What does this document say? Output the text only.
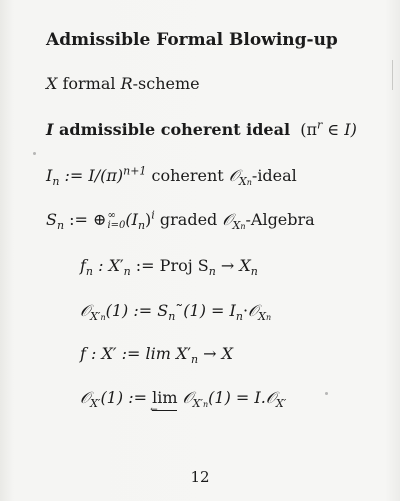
Admissible Formal Blowing-up
X formal R-scheme
I admissible coherent ideal ($\pi^r$ ∈ I)
$I_n$ := $I/(\pi)^{n+1}$ coherent 𝒪$_{Xn}$-ideal
$S_n$ := ⊕ ∞
i=0 $(I_n)^i$ graded 𝒪$_{Xn}$-Algebra
$f_n$ : $X'_n$ := Proj $S_n \to X_n$
𝒪$_{X'n}$(1) := $S_n˜(1)$ = $I_n\cdot 𝒪_{Xn}$
f : X′ := $\lim X'_n \to X$
𝒪$_{X'}$(1) := lim
←
𝒪$_{X'n}$(1) = I.𝒪$_{X'}$
12
